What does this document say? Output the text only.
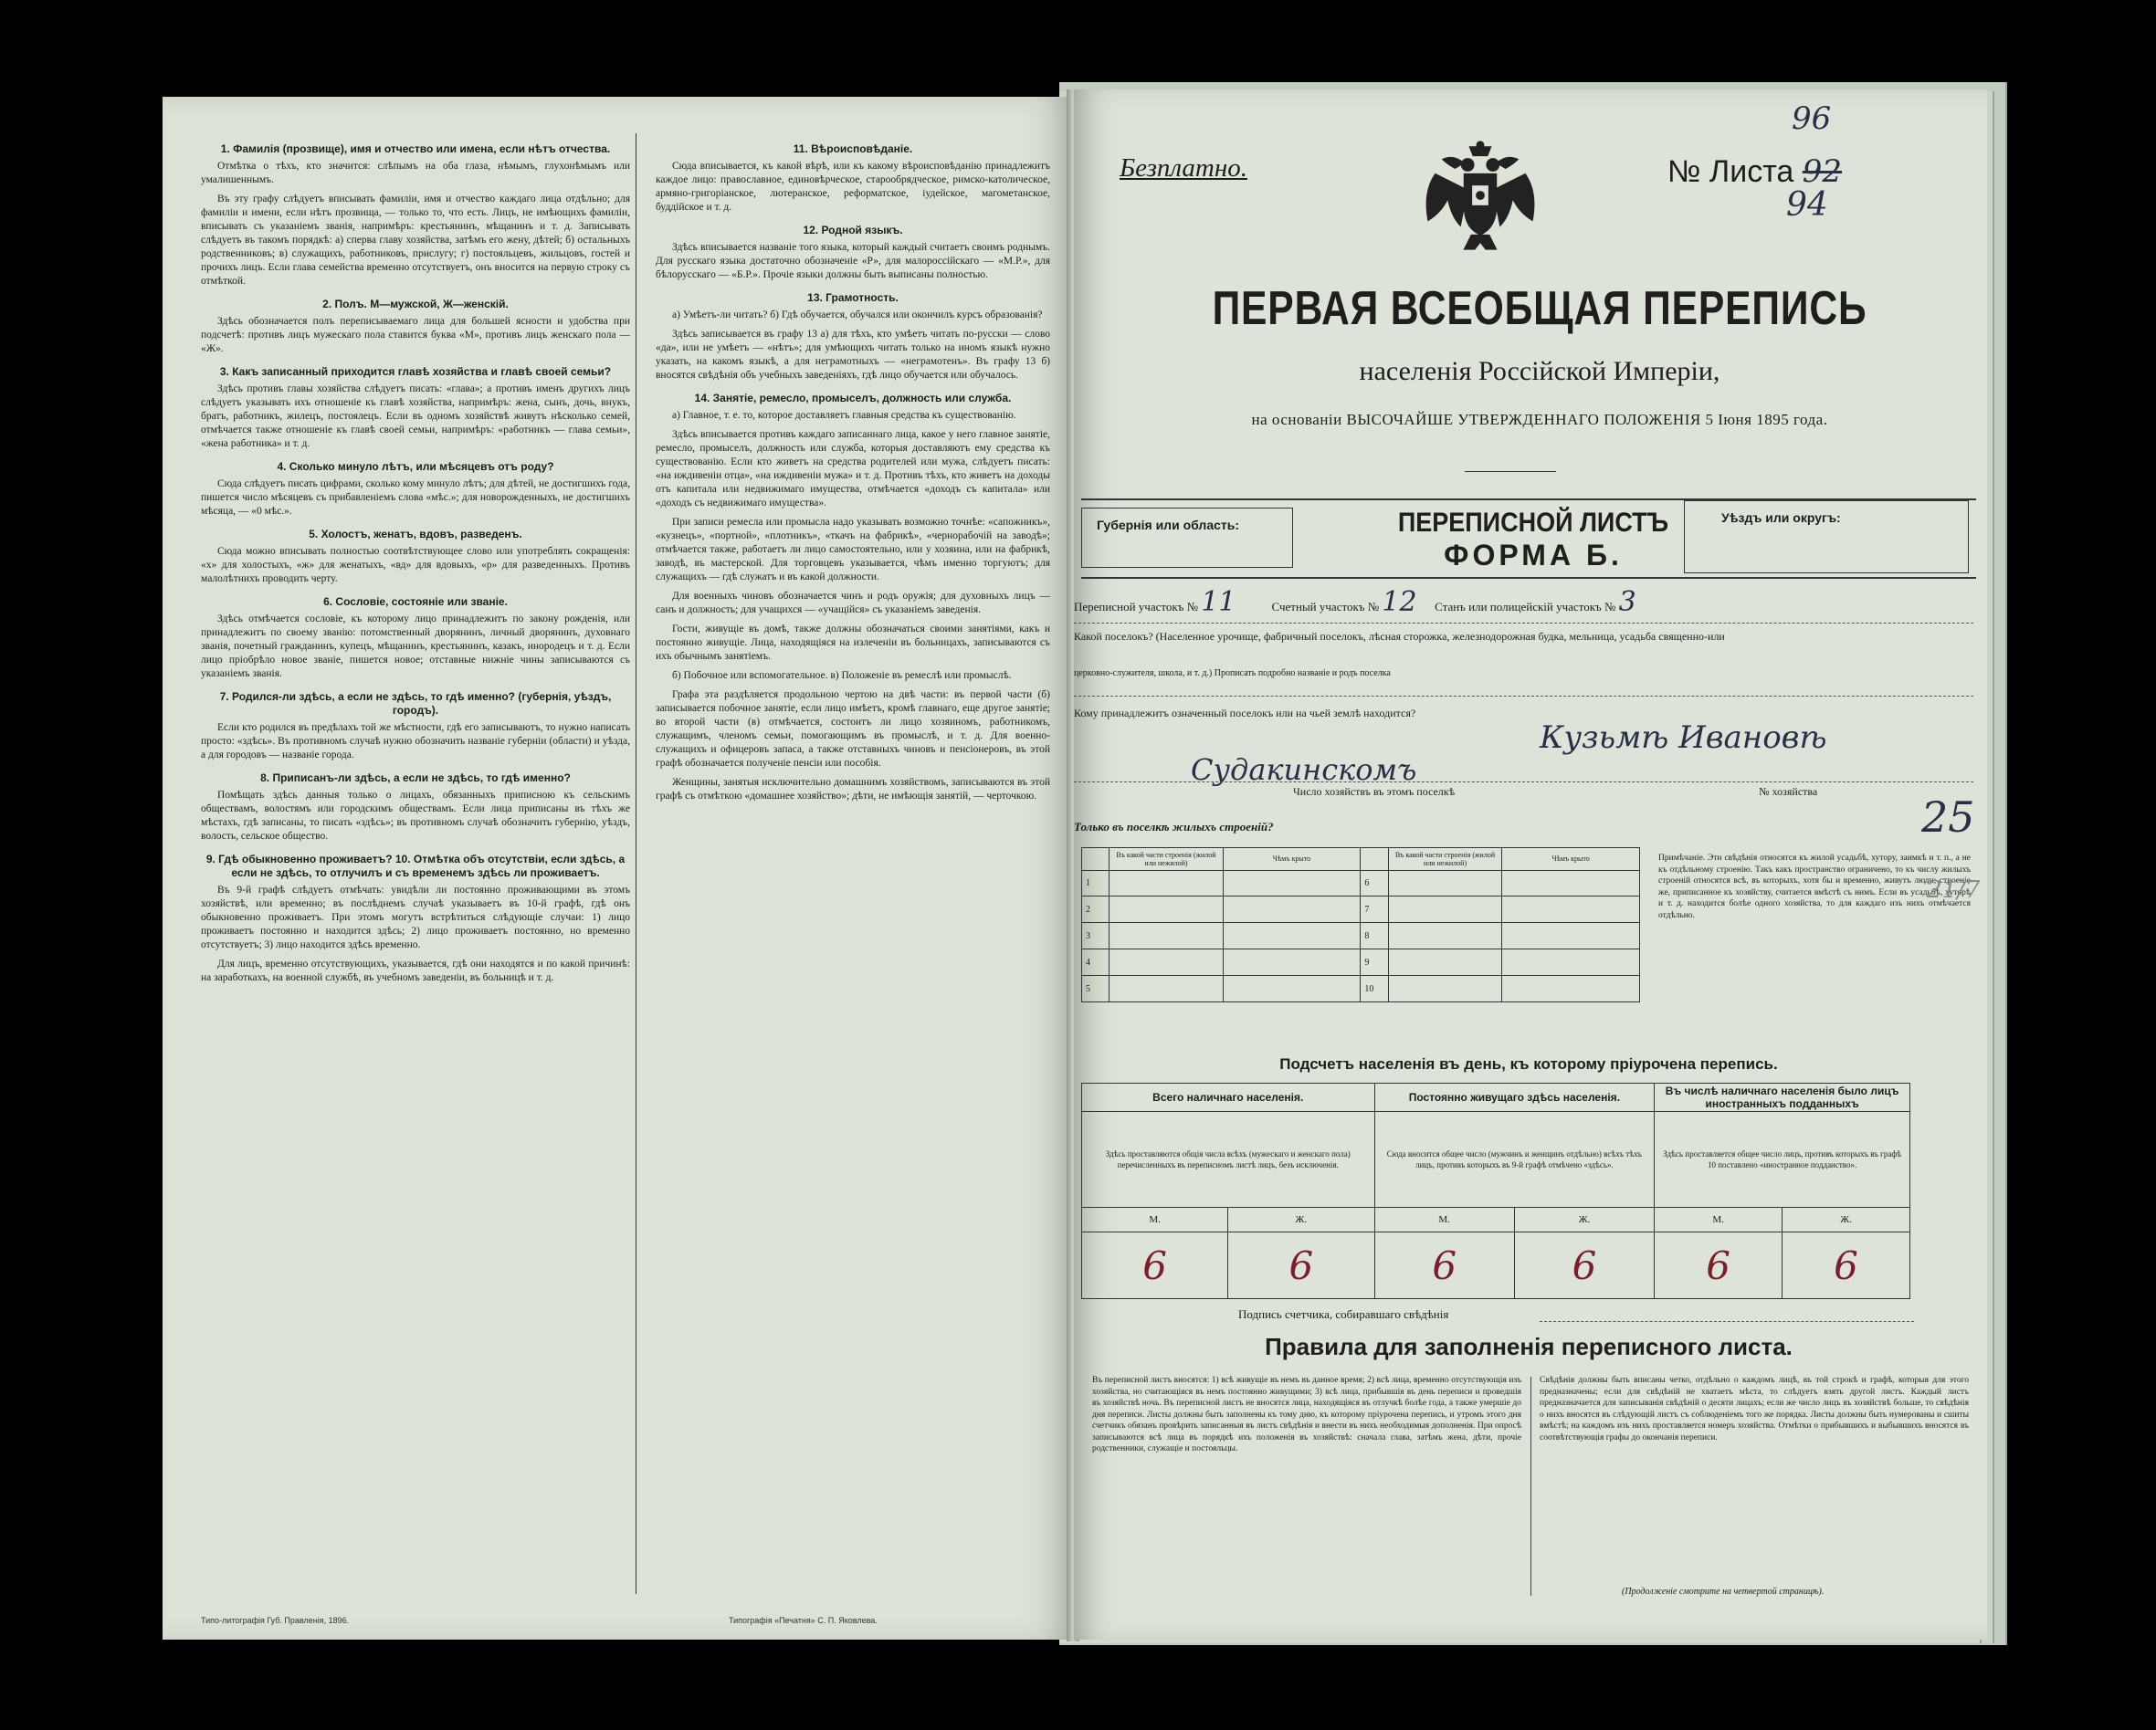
1. Фамилія (прозвище), имя и отчество или имена, если нѣтъ отчества.

Отмѣтка о тѣхъ, кто значится: слѣпымъ на оба глаза, нѣмымъ, глухонѣмымъ или умалишеннымъ.

Въ эту графу слѣдуетъ вписывать фамиліи, имя и отчество каждаго лица отдѣльно; для фамиліи и имени, если нѣтъ прозвища, — только то, что есть. Лицъ, не имѣющихъ фамиліи, вписывать съ указаніемъ званія, напримѣръ: крестьянинъ, мѣщанинъ и т. д. Записывать слѣдуетъ въ такомъ порядкѣ: а) сперва главу хозяйства, затѣмъ его жену, дѣтей; б) остальныхъ родственниковъ; в) служащихъ, работниковъ, прислугу; г) постояльцевъ, жильцовъ, гостей и прочихъ лицъ. Если глава семейства временно отсутствуетъ, онъ вносится на первую строку съ отмѣткой.

2. Полъ. М—мужской, Ж—женскій.

Здѣсь обозначается полъ переписываемаго лица для большей ясности и удобства при подсчетѣ: противъ лицъ мужескаго пола ставится буква «М», противъ лицъ женскаго пола — «Ж».

3. Какъ записанный приходится главѣ хозяйства и главѣ своей семьи?

Здѣсь противъ главы хозяйства слѣдуетъ писать: «глава»; а противъ именъ другихъ лицъ слѣдуетъ указывать ихъ отношеніе къ главѣ хозяйства, напримѣръ: жена, сынъ, дочь, внукъ, братъ, работникъ, жилецъ, постоялецъ. Если въ одномъ хозяйствѣ живутъ нѣсколько семей, отмѣчается также отношеніе къ главѣ своей семьи, напримѣръ: «работникъ — глава семьи», «жена работника» и т. д.

4. Сколько минуло лѣтъ, или мѣсяцевъ отъ роду?

Сюда слѣдуетъ писать цифрами, сколько кому минуло лѣтъ; для дѣтей, не достигшихъ года, пишется число мѣсяцевъ съ прибавленіемъ слова «мѣс.»; для новорожденныхъ, не достигшихъ мѣсяца, — «0 мѣс.».

5. Холостъ, женатъ, вдовъ, разведенъ.

Сюда можно вписывать полностью соотвѣтствующее слово или употреблять сокращенія: «х» для холостыхъ, «ж» для женатыхъ, «вд» для вдовыхъ, «р» для разведенныхъ. Противъ малолѣтнихъ проводить черту.

6. Сословіе, состояніе или званіе.

Здѣсь отмѣчается сословіе, къ которому лицо принадлежитъ по закону рожденія, или принадлежитъ по своему званію: потомственный дворянинъ, личный дворянинъ, духовнаго званія, почетный гражданинъ, купецъ, мѣщанинъ, крестьянинъ, казакъ, инородецъ и т. д. Если лицо пріобрѣло новое званіе, пишется новое; отставные нижніе чины записываются съ указаніемъ званія.

7. Родился-ли здѣсь, а если не здѣсь, то гдѣ именно? (губернія, уѣздъ, городъ).

Если кто родился въ предѣлахъ той же мѣстности, гдѣ его записываютъ, то нужно написать просто: «здѣсь». Въ противномъ случаѣ нужно обозначить названіе губерніи (области) и уѣзда, а для городовъ — названіе города.

8. Приписанъ-ли здѣсь, а если не здѣсь, то гдѣ именно?

Помѣщать здѣсь данныя только о лицахъ, обязанныхъ приписною къ сельскимъ обществамъ, волостямъ или городскимъ обществамъ. Если лица приписаны въ тѣхъ же мѣстахъ, гдѣ записаны, то писать «здѣсь»; въ противномъ случаѣ обозначить губернію, уѣздъ, волость, сельское общество.

9. Гдѣ обыкновенно проживаетъ? 10. Отмѣтка объ отсутствіи, если здѣсь, а если не здѣсь, то отлучилъ и съ временемъ здѣсь ли проживаетъ.

Въ 9-й графѣ слѣдуетъ отмѣчать: увидѣли ли постоянно проживающими въ этомъ хозяйствѣ, или временно; въ послѣднемъ случаѣ указываетъ въ 10-й графѣ, гдѣ онъ обыкновенно проживаетъ. При этомъ могутъ встрѣтиться слѣдующіе случаи: 1) лицо проживаетъ постоянно и находится здѣсь; 2) лицо проживаетъ постоянно, но временно отсутствуетъ; 3) лицо находится здѣсь временно.

Для лицъ, временно отсутствующихъ, указывается, гдѣ они находятся и по какой причинѣ: на заработкахъ, на военной службѣ, въ учебномъ заведеніи, въ больницѣ и т. д.

11. Вѣроисповѣданіе.

Сюда вписывается, къ какой вѣрѣ, или къ какому вѣроисповѣданію принадлежитъ каждое лицо: православное, единовѣрческое, старообрядческое, римско-католическое, армяно-григоріанское, лютеранское, реформатское, іудейское, магометанское, буддійское и т. д.

12. Родной языкъ.

Здѣсь вписывается названіе того языка, который каждый считаетъ своимъ роднымъ. Для русскаго языка достаточно обозначеніе «Р», для малороссійскаго — «М.Р.», для бѣлорусскаго — «Б.Р.». Прочіе языки должны быть выписаны полностью.

13. Грамотность.

а) Умѣетъ-ли читать? б) Гдѣ обучается, обучался или окончилъ курсъ образованія?

Здѣсь записывается въ графу 13 а) для тѣхъ, кто умѣетъ читать по-русски — слово «да», или не умѣетъ — «нѣтъ»; для умѣющихъ читать только на иномъ языкѣ нужно указать, на какомъ языкѣ, а для неграмотныхъ — «неграмотенъ». Въ графу 13 б) вносятся свѣдѣнія объ учебныхъ заведеніяхъ, гдѣ лицо обучается или обучалось.

14. Занятіе, ремесло, промыселъ, должность или служба.

а) Главное, т. е. то, которое доставляетъ главныя средства къ существованію.

Здѣсь вписывается противъ каждаго записаннаго лица, какое у него главное занятіе, ремесло, промыселъ, должность или служба, которыя доставляютъ ему средства къ существованію. Если кто живетъ на средства родителей или мужа, слѣдуетъ писать: «на иждивеніи отца», «на иждивеніи мужа» и т. д. Противъ тѣхъ, кто живетъ на доходы отъ капитала или недвижимаго имущества, отмѣчается «доходъ съ капитала» или «доходъ съ недвижимаго имущества».

При записи ремесла или промысла надо указывать возможно точнѣе: «сапожникъ», «кузнецъ», «портной», «плотникъ», «ткачъ на фабрикѣ», «чернорабочій на заводѣ»; отмѣчается также, работаетъ ли лицо самостоятельно, или у хозяина, или на фабрикѣ, заводѣ, въ мастерской. Для торговцевъ указывается, чѣмъ именно торгуютъ; для служащихъ — гдѣ служатъ и въ какой должности.

Для военныхъ чиновъ обозначается чинъ и родъ оружія; для духовныхъ лицъ — санъ и должность; для учащихся — «учащійся» съ указаніемъ заведенія.

Гости, живущіе въ домѣ, также должны обозначаться своими занятіями, какъ и постоянно живущіе. Лица, находящіяся на излеченіи въ больницахъ, записываются съ ихъ обычнымъ занятіемъ.

б) Побочное или вспомогательное. в) Положеніе въ ремеслѣ или промыслѣ.

Графа эта раздѣляется продольною чертою на двѣ части: въ первой части (б) записывается побочное занятіе, если лицо имѣетъ, кромѣ главнаго, еще другое занятіе; во второй части (в) отмѣчается, состоитъ ли лицо хозяиномъ, работникомъ, служащимъ, членомъ семьи, помогающимъ въ промыслѣ, и т. д. Для военно-служащихъ и офицеровъ запаса, а также отставныхъ чиновъ и пенсіонеровъ, въ этой графѣ обозначается полученіе пенсіи или пособія.

Женщины, занятыя исключительно домашнимъ хозяйствомъ, записываются въ этой графѣ съ отмѣткою «домашнее хозяйство»; дѣти, не имѣющія занятій, — черточкою.

Типо-литографія Губ. Правленія, 1896.	Типографія «Печатня» С. П. Яковлева.
Безплатно.	№ Листа 92
96
94
ПЕРВАЯ ВСЕОБЩАЯ ПЕРЕПИСЬ
населенія Россійской Имперіи,
на основаніи ВЫСОЧАЙШЕ УТВЕРЖДЕННАГО ПОЛОЖЕНІЯ 5 Іюня 1895 года.
Губернія или область:	ПЕРЕПИСНОЙ ЛИСТЪ
ФОРМА Б.
Уѣздъ или округъ:
Переписной участокъ № 11	Счетный участокъ № 12 Станъ или полицейскій участокъ № 3
Какой поселокъ? (Населенное урочище, фабричный поселокъ, лѣсная сторожка, железнодорожная будка, мельница, усадьба священно-или
церковно-служителя, школа, и т. д.) Прописать подробно названіе и родъ поселка
Кому принадлежитъ означенный поселокъ или на чьей землѣ находится?
Кузьмѣ Ивановѣ
Судакинскомъ
Число хозяйствъ въ этомъ поселкѣ	№ хозяйства
25
Только въ поселкѣ жилыхъ строеній?
	Въ какой части строенія (жилой или нежилой)	Чѣмъ крыто		Въ какой части строенія (жилой или нежилой)	Чѣмъ крыто
1			6		
2			7		
3			8		
4			9		
5			10		
Примѣчаніе. Эти свѣдѣнія относятся къ жилой усадьбѣ, хутору, заимкѣ и т. п., а не къ отдѣльному строенію. Такъ какъ пространство ограничено, то къ числу жилыхъ строеній относятся всѣ, въ которыхъ, хотя бы и временно, живутъ люди; строеніе же, приписанное къ хозяйству, считается вмѣстѣ съ нимъ. Если въ усадьбѣ, хуторѣ и т. д. находится болѣе одного хозяйства, то для каждаго изъ нихъ отмѣчается отдѣльно.
Подсчетъ населенія въ день, къ которому пріурочена перепись.
Всего наличнаго населенія.		Постоянно живущаго здѣсь населенія.		Въ числѣ наличнаго населенія было лицъ иностранныхъ подданныхъ	
Здѣсь проставляются общія числа всѣхъ (мужескаго и женскаго пола) перечисленныхъ въ переписномъ листѣ лицъ, безъ исключенія.		Сюда вносится общее число (мужчинъ и женщинъ отдѣльно) всѣхъ тѣхъ лицъ, противъ которыхъ въ 9-й графѣ отмѣчено «здѣсь».		Здѣсь проставляется общее число лицъ, противъ которыхъ въ графѣ 10 поставлено «иностранное подданство».	
М.	Ж.	М.	Ж.	М.	Ж.
6	6	6	6	6	6
Подпись счетчика, собиравшаго свѣдѣнія
Правила для заполненія переписного листа.
Въ переписной листъ вносятся: 1) всѣ живущіе въ немъ въ данное время; 2) всѣ лица, временно отсутствующія изъ хозяйства, но считающіяся въ немъ постоянно живущими; 3) всѣ лица, прибывшія въ день переписи и проведшія въ хозяйствѣ ночь. Въ переписной листъ не вносятся лица, находящіяся въ отлучкѣ болѣе года, а также умершіе до дня переписи. Листы должны быть заполнены къ тому дню, къ которому пріурочена перепись, и утромъ этого дня счетчикъ обязанъ провѣрить записанныя въ листъ свѣдѣнія и внести въ нихъ необходимыя дополненія. При опросѣ записываются всѣ лица въ порядкѣ ихъ положенія въ хозяйствѣ: сначала глава, затѣмъ жена, дѣти, прочіе родственники, служащіе и постояльцы.
Свѣдѣнія должны быть вписаны четко, отдѣльно о каждомъ лицѣ, въ той строкѣ и графѣ, которыя для этого предназначены; если для свѣдѣній не хватаетъ мѣста, то слѣдуетъ взять другой листъ. Каждый листъ предназначается для записыванія свѣдѣній о десяти лицахъ; если же число лицъ въ хозяйствѣ больше, то свѣдѣнія о нихъ вносятся въ слѣдующій листъ съ соблюденіемъ того же порядка. Листы должны быть нумерованы и сшиты вмѣстѣ; на каждомъ изъ нихъ проставляется номеръ хозяйства. Отмѣтки о прибывшихъ и выбывшихъ вносятся въ соотвѣтствующія графы до окончанія переписи.
(Продолженіе смотрите на четвертой страницѣ).
21/7
